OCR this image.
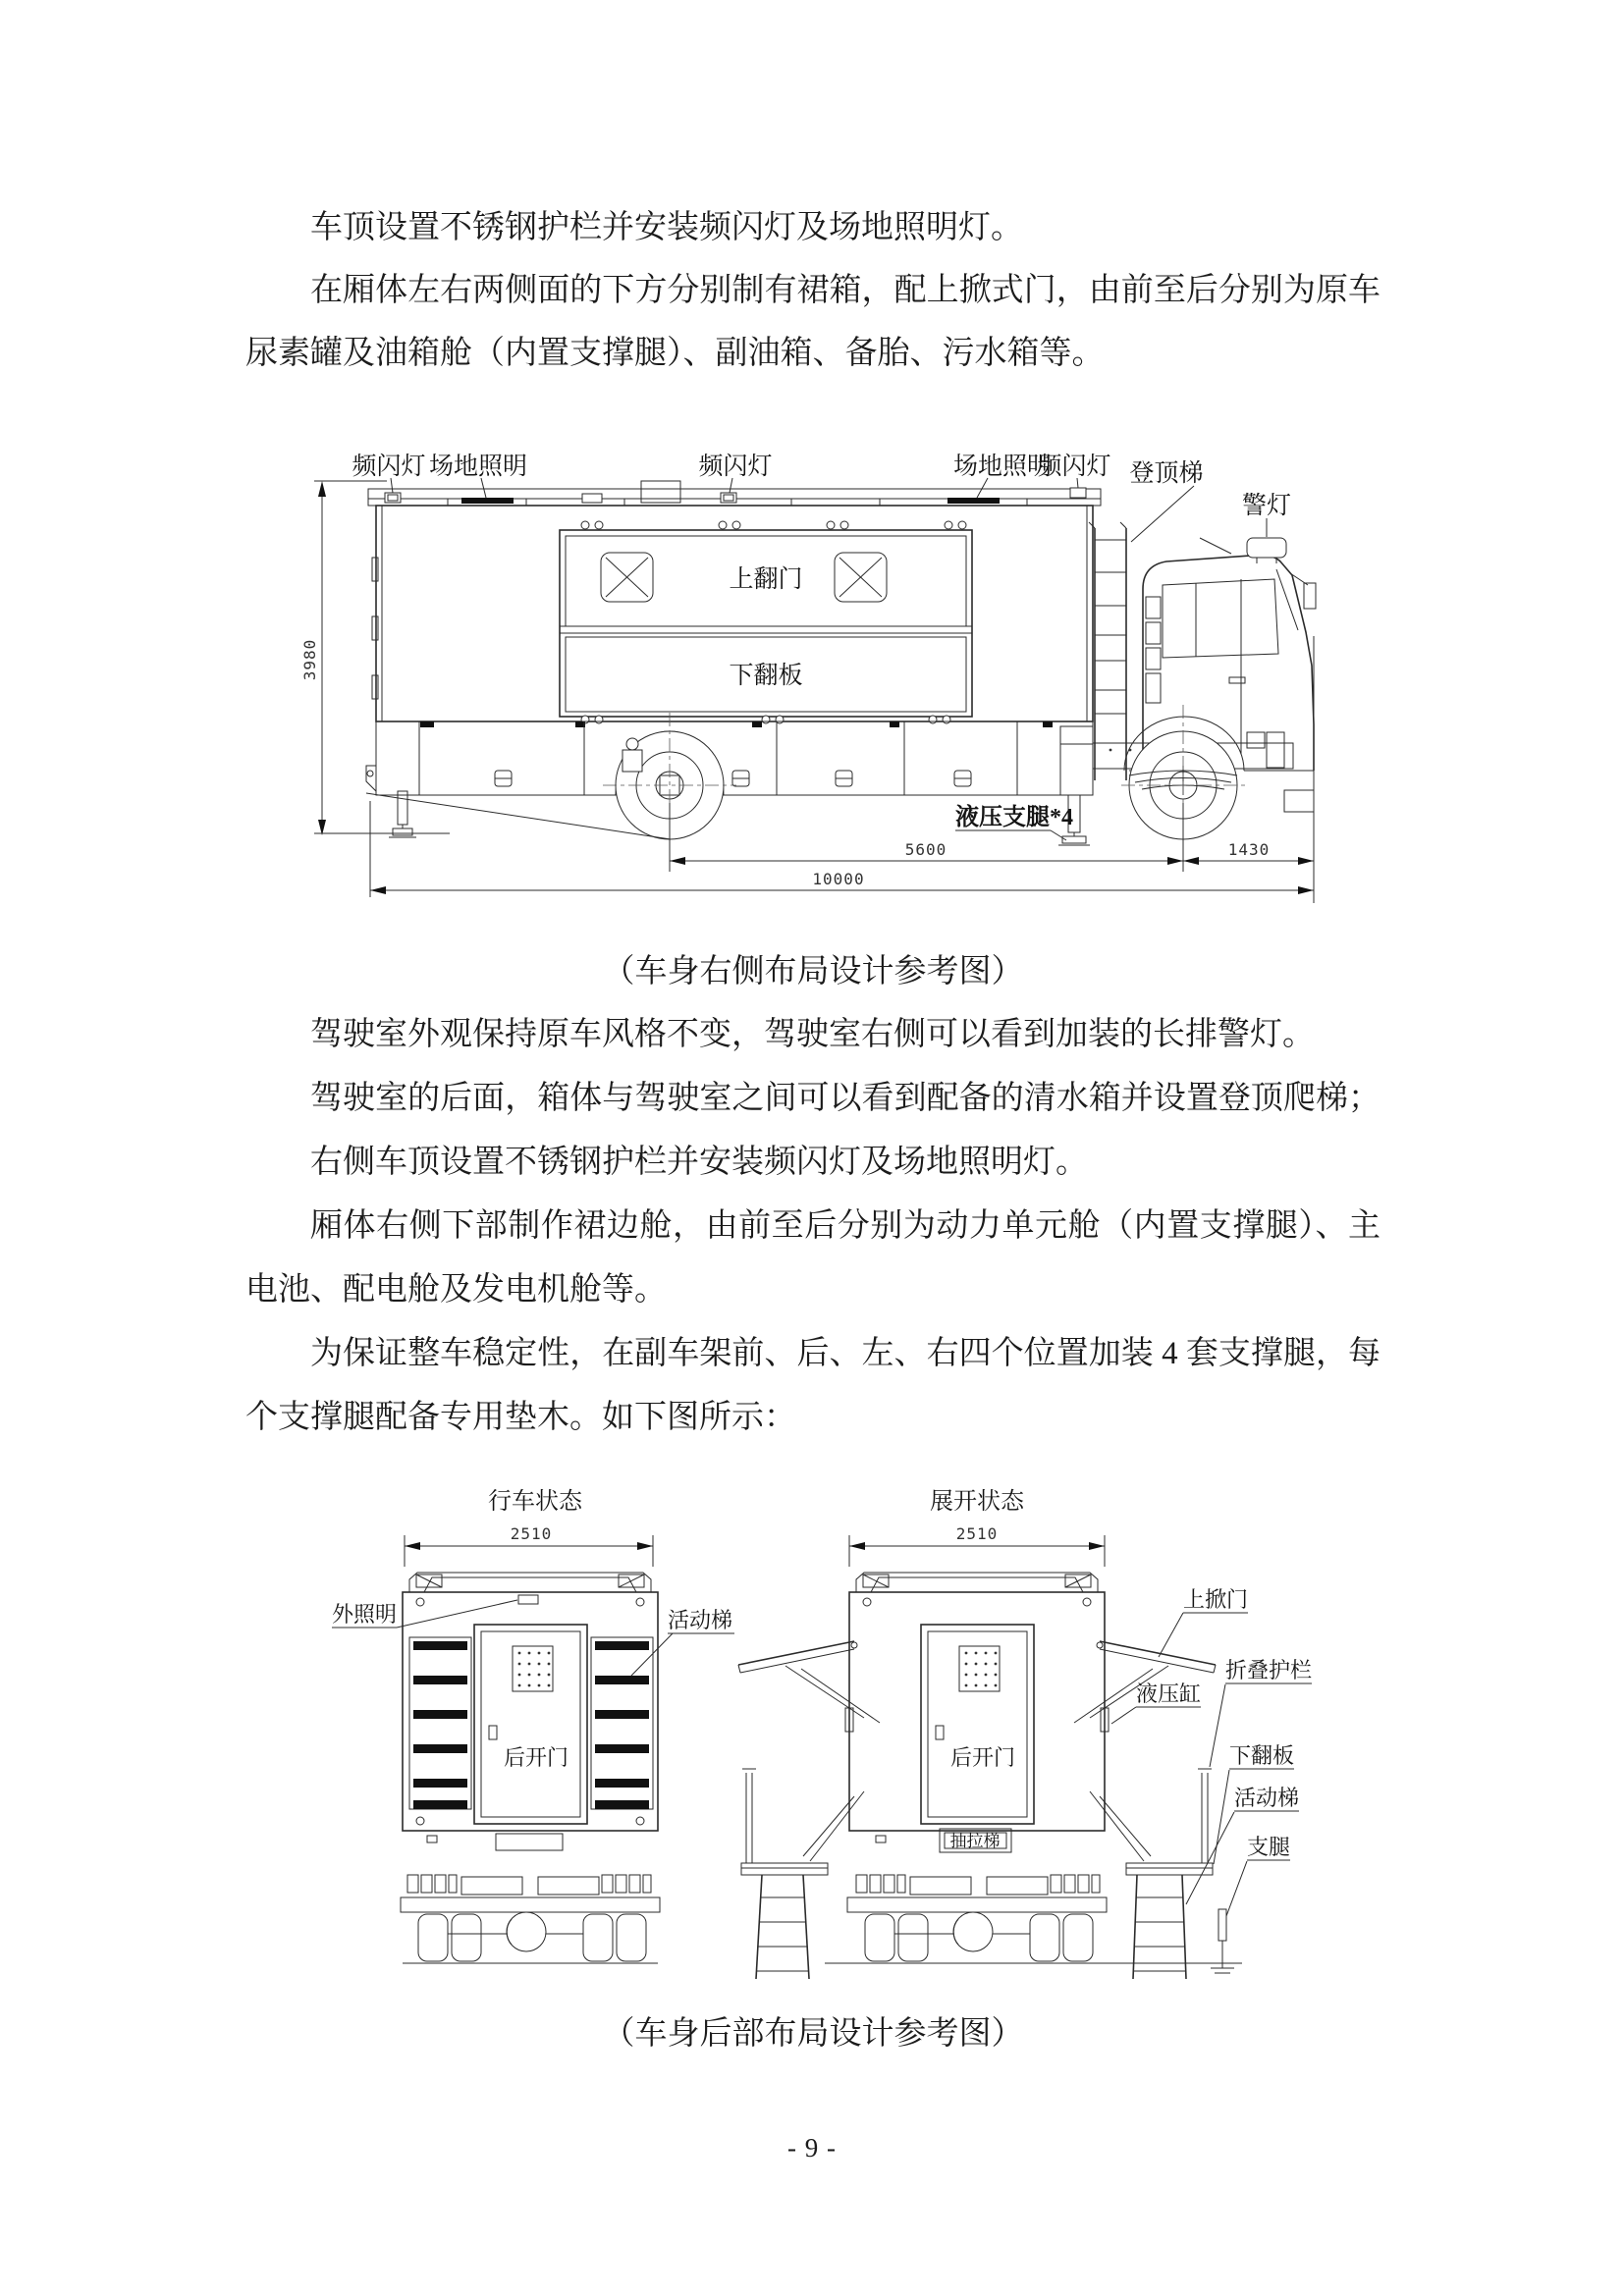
车顶设置不锈钢护栏并安装频闪灯及场地照明灯。
在厢体左右两侧面的下方分别制有裙箱，配上掀式门，由前至后分别为原车
尿素罐及油箱舱（内置支撑腿）、副油箱、备胎、污水箱等。
3980
频闪灯 场地照明	频闪灯	场地照明
频闪灯 登顶梯
警灯
上翻门
下翻板
液压支腿*4
5600	1430
10000
（车身右侧布局设计参考图）
驾驶室外观保持原车风格不变，驾驶室右侧可以看到加装的长排警灯。
驾驶室的后面，箱体与驾驶室之间可以看到配备的清水箱并设置登顶爬梯；
右侧车顶设置不锈钢护栏并安装频闪灯及场地照明灯。
厢体右侧下部制作裙边舱，由前至后分别为动力单元舱（内置支撑腿）、主
电池、配电舱及发电机舱等。
为保证整车稳定性，在副车架前、后、左、右四个位置加装 4 套支撑腿，每
个支撑腿配备专用垫木。如下图所示：
行车状态
2510
后开门
外照明	活动梯
展开状态
2510
后开门
抽拉梯
上掀门
液压缸
折叠护栏
下翻板
活动梯
支腿
（车身后部布局设计参考图）
- 9 -
